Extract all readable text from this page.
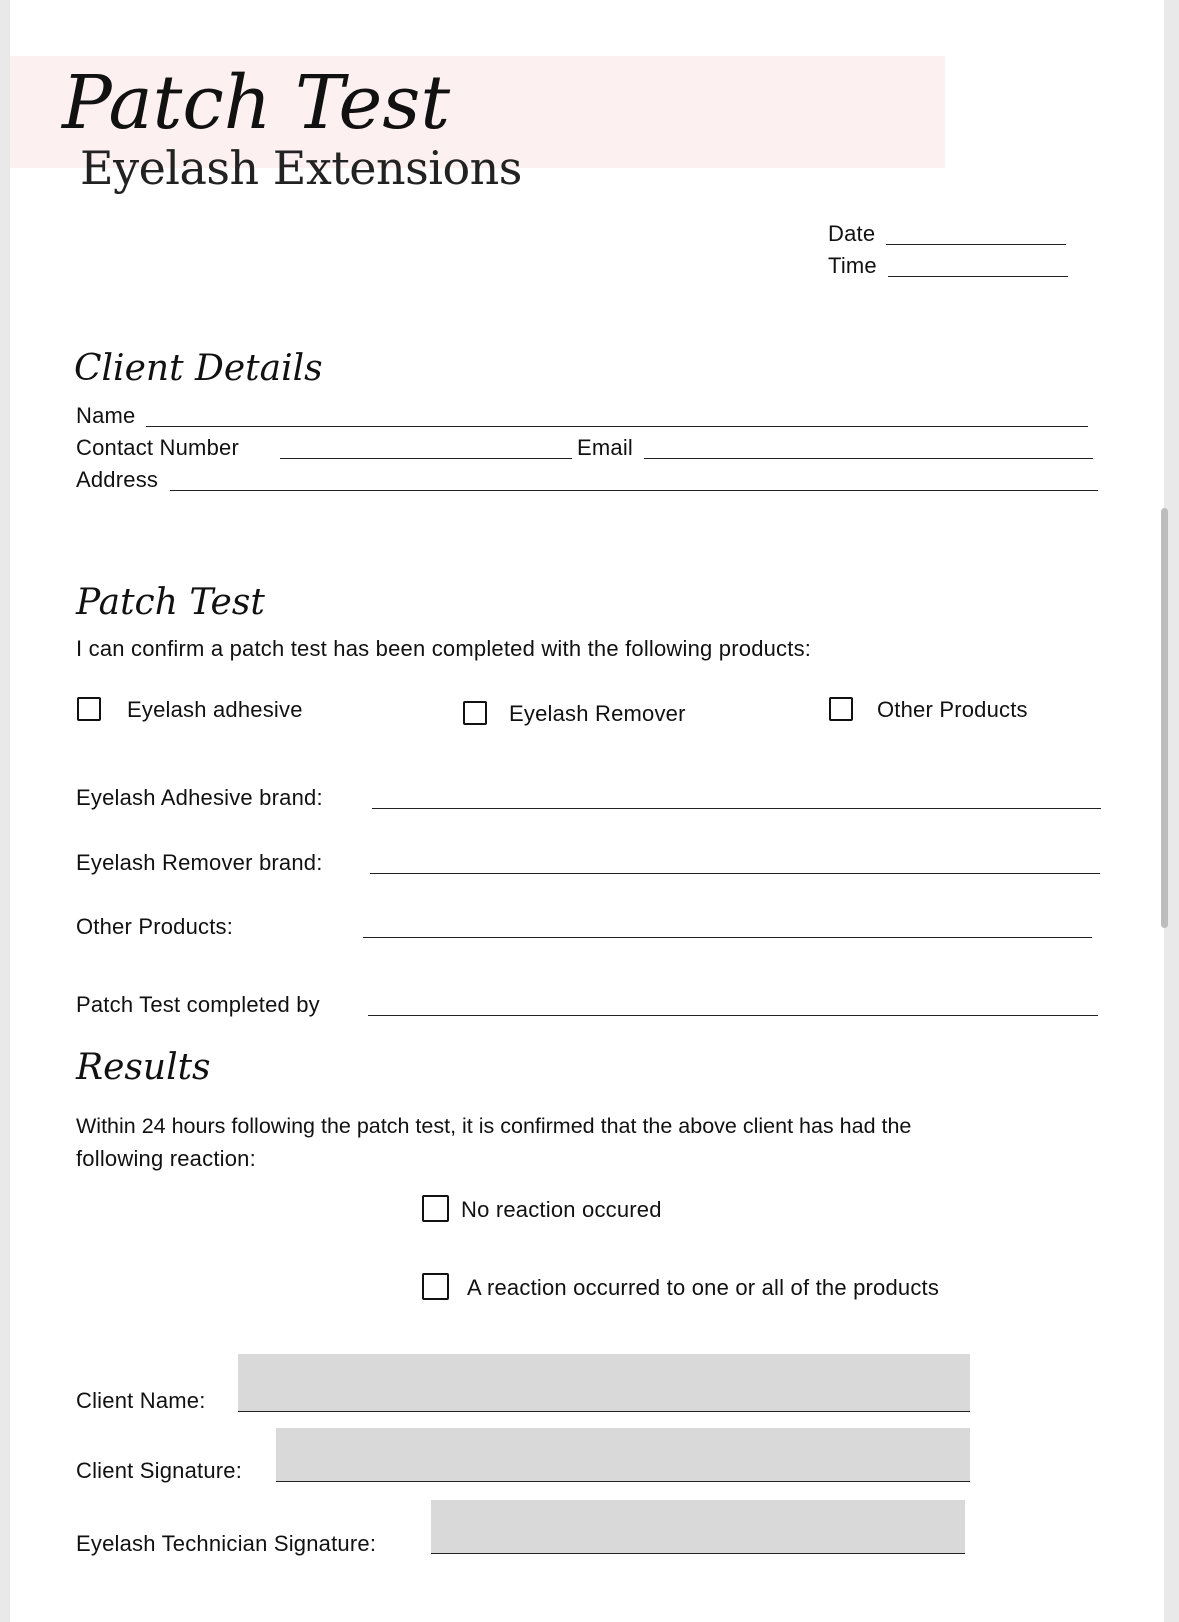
Patch Test
Eyelash Extensions
Date
Time
Client Details
Name
Contact Number	Email
Address
Patch Test
I can confirm a patch test has been completed with the following products:
Eyelash adhesive	Eyelash Remover	Other Products
Eyelash Adhesive brand:
Eyelash Remover brand:
Other Products:
Patch Test completed by
Results
Within 24 hours following the patch test, it is confirmed that the above client has had the
following reaction:
No reaction occured
A reaction occurred to one or all of the products
Client Name:
Client Signature:
Eyelash Technician Signature:
